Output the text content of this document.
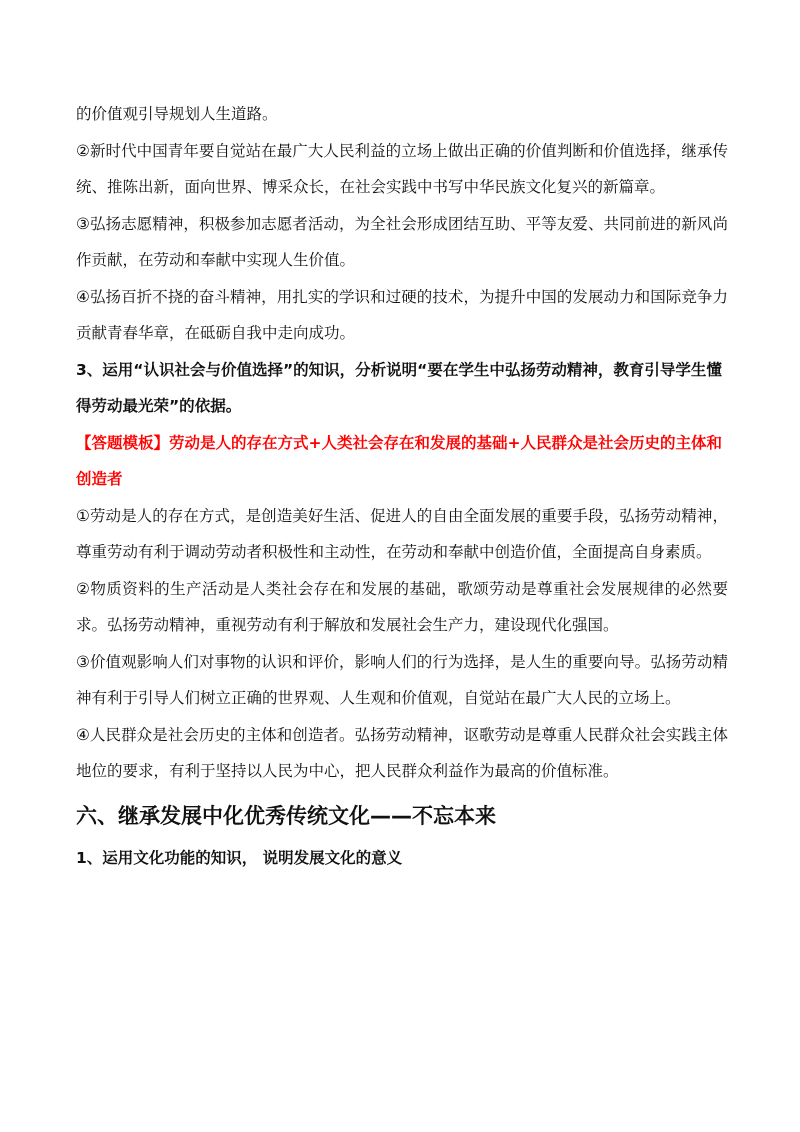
的价值观引导规划人生道路。

②新时代中国青年要自觉站在最广大人民利益的立场上做出正确的价值判断和价值选择，继承传统、推陈出新，面向世界、博采众长，在社会实践中书写中华民族文化复兴的新篇章。

③弘扬志愿精神，积极参加志愿者活动，为全社会形成团结互助、平等友爱、共同前进的新风尚作贡献，在劳动和奉献中实现人生价值。

④弘扬百折不挠的奋斗精神，用扎实的学识和过硬的技术，为提升中国的发展动力和国际竞争力贡献青春华章，在砥砺自我中走向成功。

3、运用“认识社会与价值选择”的知识，分析说明“要在学生中弘扬劳动精神，教育引导学生懂得劳动最光荣”的依据。

【答题模板】劳动是人的存在方式+人类社会存在和发展的基础+人民群众是社会历史的主体和创造者

①劳动是人的存在方式，是创造美好生活、促进人的自由全面发展的重要手段，弘扬劳动精神，尊重劳动有利于调动劳动者积极性和主动性，在劳动和奉献中创造价值，全面提高自身素质。

②物质资料的生产活动是人类社会存在和发展的基础，歌颂劳动是尊重社会发展规律的必然要求。弘扬劳动精神，重视劳动有利于解放和发展社会生产力，建设现代化强国。

③价值观影响人们对事物的认识和评价，影响人们的行为选择，是人生的重要向导。弘扬劳动精神有利于引导人们树立正确的世界观、人生观和价值观，自觉站在最广大人民的立场上。

④人民群众是社会历史的主体和创造者。弘扬劳动精神，讴歌劳动是尊重人民群众社会实践主体地位的要求，有利于坚持以人民为中心，把人民群众利益作为最高的价值标准。

六、继承发展中化优秀传统文化——不忘本来

1、运用文化功能的知识， 说明发展文化的意义
